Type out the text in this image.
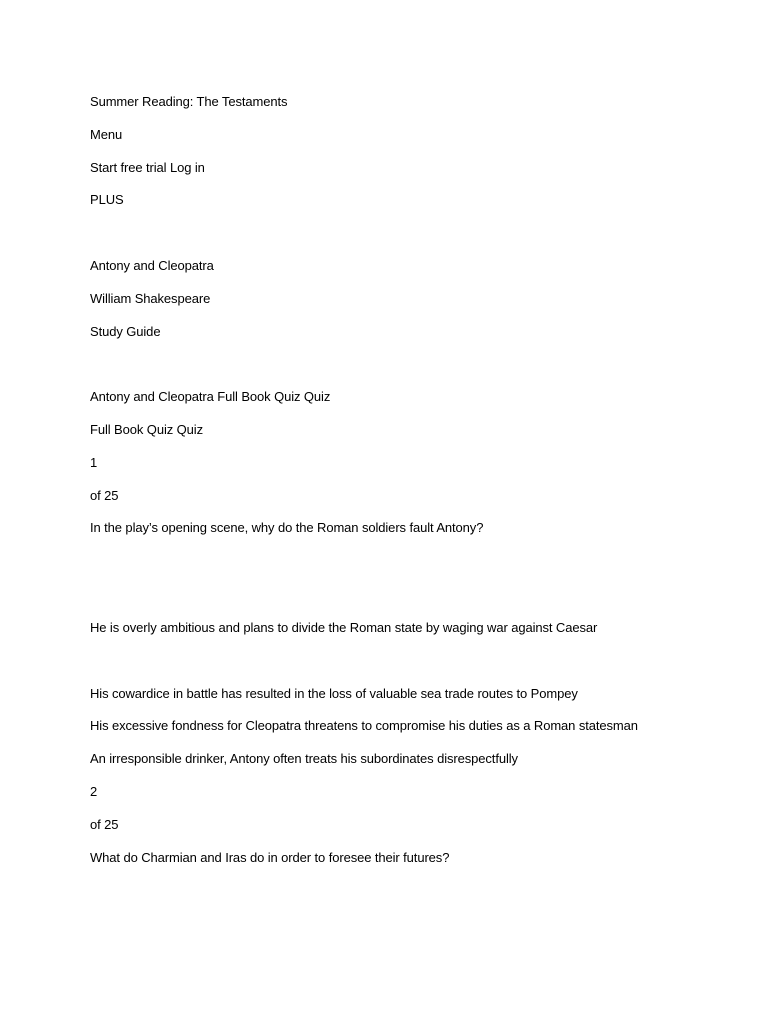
Summer Reading: The Testaments
Menu
Start free trial Log in
PLUS
Antony and Cleopatra
William Shakespeare
Study Guide
Antony and Cleopatra Full Book Quiz Quiz
Full Book Quiz Quiz
1
of 25
In the play’s opening scene, why do the Roman soldiers fault Antony?
He is overly ambitious and plans to divide the Roman state by waging war against Caesar
His cowardice in battle has resulted in the loss of valuable sea trade routes to Pompey
His excessive fondness for Cleopatra threatens to compromise his duties as a Roman statesman
An irresponsible drinker, Antony often treats his subordinates disrespectfully
2
of 25
What do Charmian and Iras do in order to foresee their futures?
